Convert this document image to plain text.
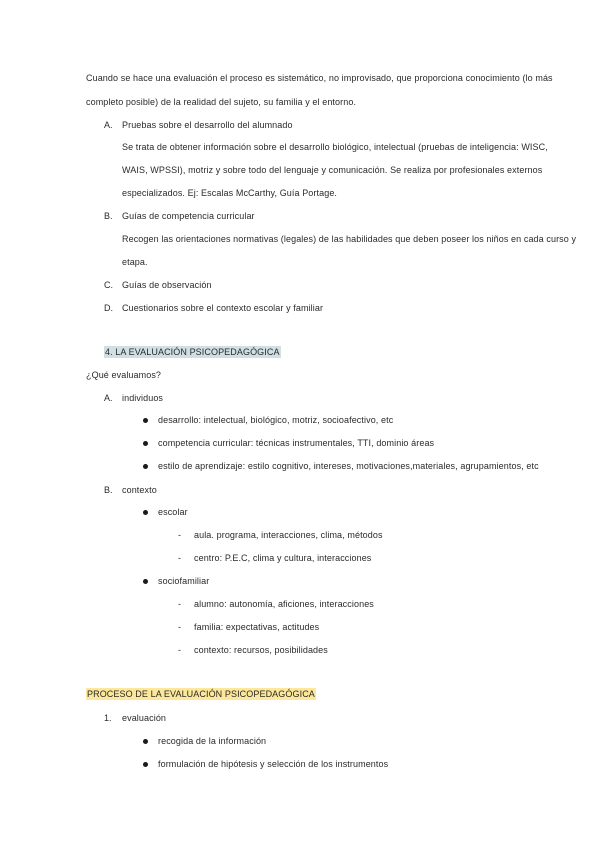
Cuando se hace una evaluación el proceso es sistemático, no improvisado, que proporciona conocimiento (lo más
completo posible) de la realidad del sujeto, su familia y el entorno.
A. Pruebas sobre el desarrollo del alumnado
Se trata de obtener información sobre el desarrollo biológico, intelectual (pruebas de inteligencia: WISC,
WAIS, WPSSI), motriz y sobre todo del lenguaje y comunicación. Se realiza por profesionales externos
especializados. Ej: Escalas McCarthy, Guía Portage.
B. Guías de competencia curricular
Recogen las orientaciones normativas (legales) de las habilidades que deben poseer los niños en cada curso y
etapa.
C. Guías de observación
D. Cuestionarios sobre el contexto escolar y familiar
4. LA EVALUACIÓN PSICOPEDAGÓGICA
¿Qué evaluamos?
A. individuos
desarrollo: intelectual, biológico, motriz, socioafectivo, etc
competencia curricular: técnicas instrumentales, TTI, dominio áreas
estilo de aprendizaje: estilo cognitivo, intereses, motivaciones,materiales, agrupamientos, etc
B. contexto
escolar
- aula. programa, interacciones, clima, métodos
- centro: P.E.C, clima y cultura, interacciones
sociofamiliar
- alumno: autonomía, aficiones, interacciones
- familia: expectativas, actitudes
- contexto: recursos, posibilidades
PROCESO DE LA EVALUACIÓN PSICOPEDAGÓGICA
1. evaluación
recogida de la información
formulación de hipótesis y selección de los instrumentos
